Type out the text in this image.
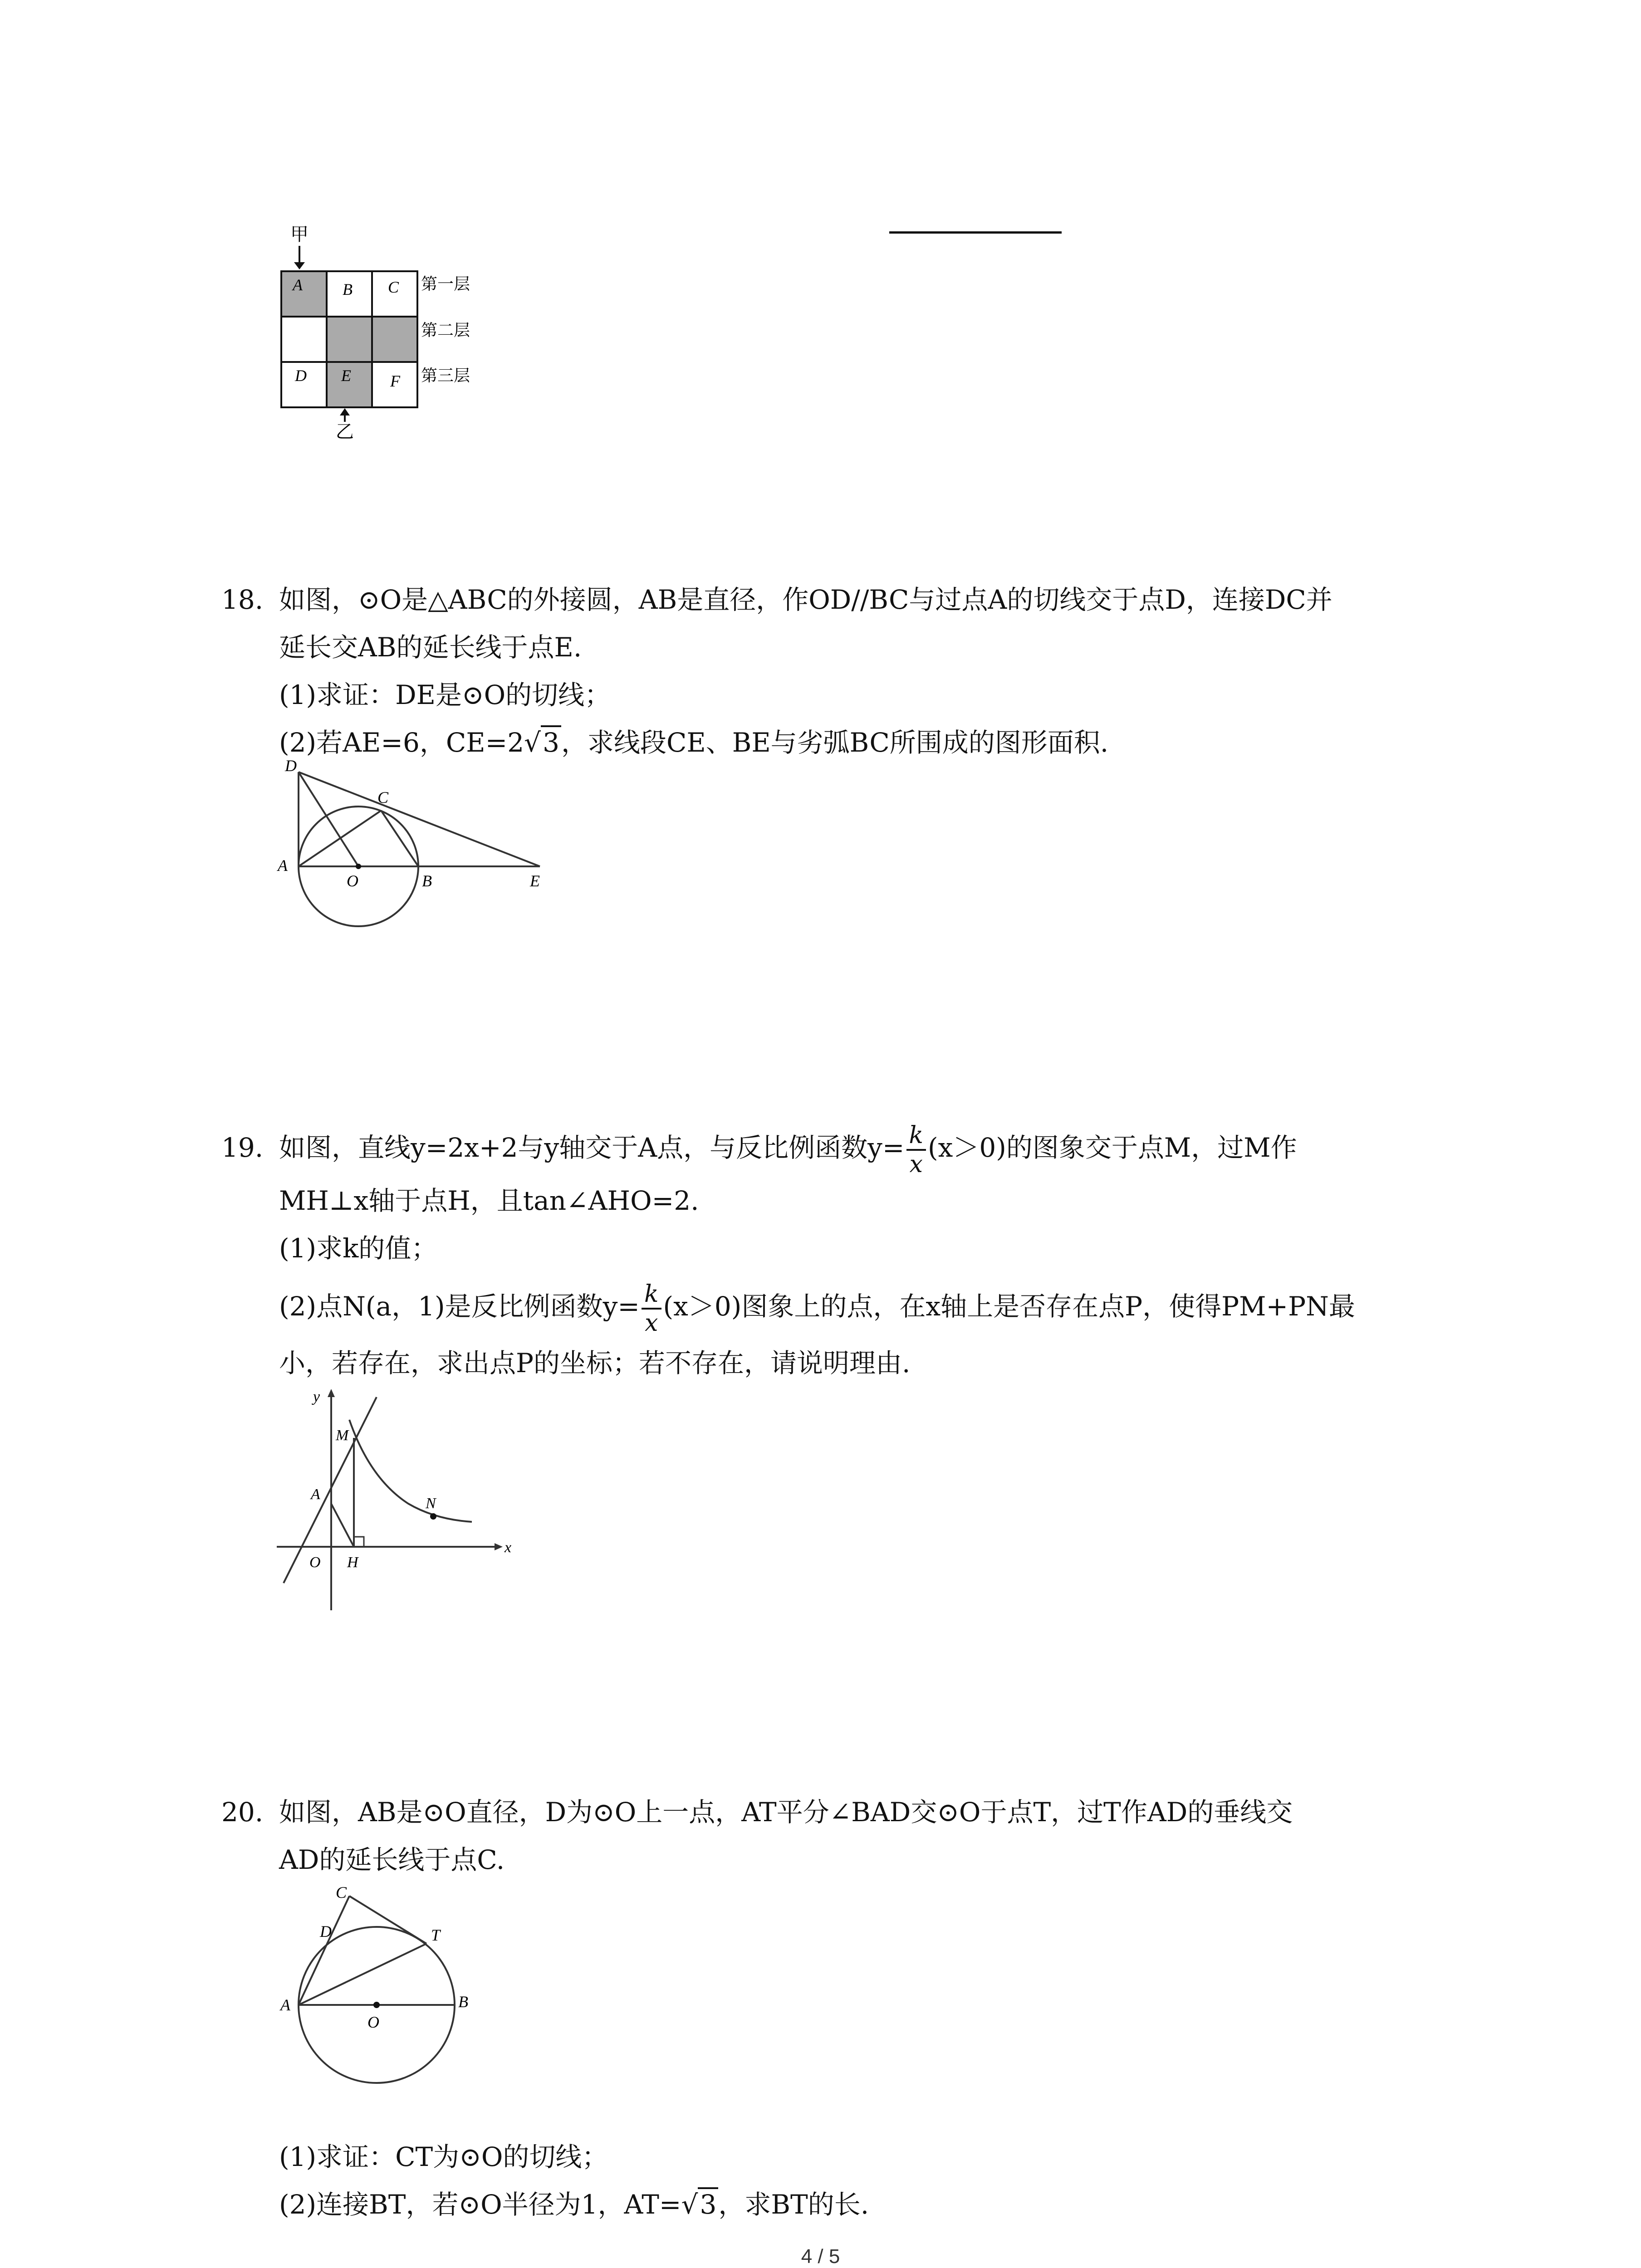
甲
A B C
D E F
第一层
第二层
第三层
乙
18. 如图，⊙O是△ABC的外接圆，AB是直径，作OD//BC与过点A的切线交于点D，连接DC并
延长交AB的延长线于点E.
(1)求证：DE是⊙O的切线；
(2)若AE=6，CE=2√3，求线段CE、BE与劣弧BC所围成的图形面积.
D
C
A
O	B	E
19. 如图，直线y=2x+2与y轴交于A点，与反比例函数$y= \frac{k}{x} (x>0)$的图象交于点M，过M作
MH⊥x轴于点H，且tan∠AHO=2.
(1)求k的值；
(2)点N(a，1)是反比例函数$y= \frac{k}{x} (x>0)$图象上的点，在x轴上是否存在点P，使得PM+PN最
小，若存在，求出点P的坐标；若不存在，请说明理由.
y
x
M
A
N
O H
20. 如图，AB是⊙O直径，D为⊙O上一点，AT平分∠BAD交⊙O于点T，过T作AD的垂线交
AD的延长线于点C.
C
D	T
A
O
B
(1)求证：CT为⊙O的切线；
(2)连接BT，若⊙O半径为1，AT=√3，求BT的长.
4 / 5
